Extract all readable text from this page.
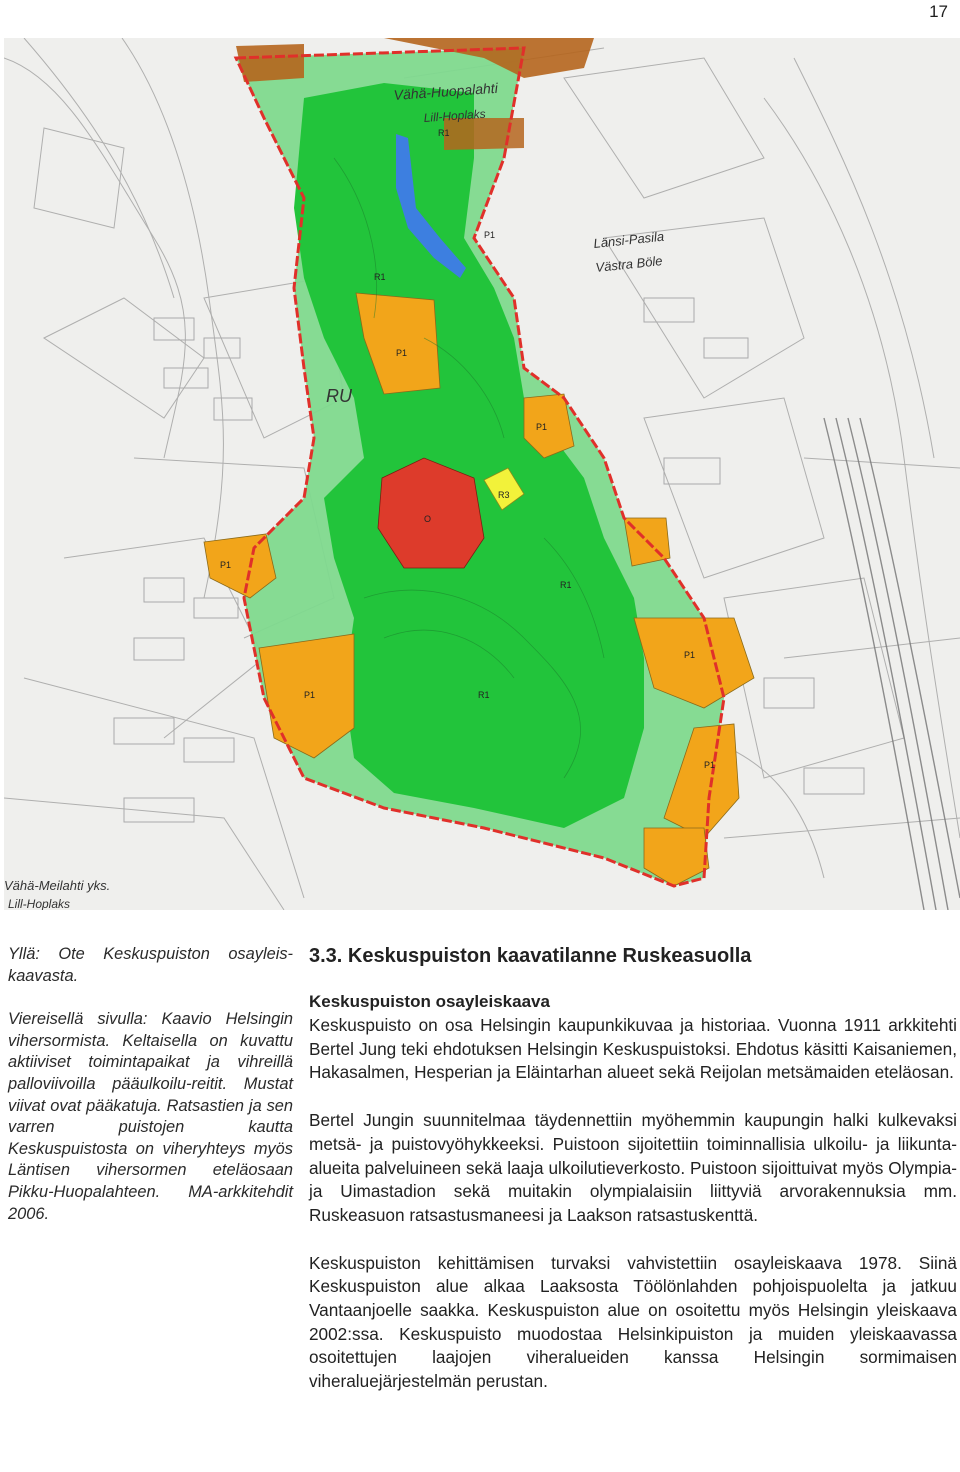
17
R1
R1
R1
R1
P1
P1
P1
P1
P1
P1
P1
R3
O
Vähä-Huopalahti
Lill-Hoplaks
Länsi-Pasila
Västra Böle
RU
Vähä-Meilahti yks.
Lill-Hoplaks

Yllä: Ote Keskuspuiston osayleis-kaavasta.

Viereisellä sivulla: Kaavio Helsingin vihersormista. Keltaisella on kuvattu aktiiviset toimintapaikat ja vihreillä palloviivoilla pääulkoilu-reitit. Mustat viivat ovat pääkatuja. Ratsastien ja sen varren puistojen kautta Keskuspuistosta on viheryhteys myös Läntisen vihersormen eteläosaan Pikku-Huopalahteen. MA-arkkitehdit 2006.

3.3. Keskuspuiston kaavatilanne Ruskeasuolla
Keskuspuiston osayleiskaava

Keskuspuisto on osa Helsingin kaupunkikuvaa ja historiaa. Vuonna 1911 arkkitehti Bertel Jung teki ehdotuksen Helsingin Keskuspuistoksi. Ehdotus käsitti Kaisaniemen, Hakasalmen, Hesperian ja Eläintarhan alueet sekä Reijolan metsämaiden eteläosan.

Bertel Jungin suunnitelmaa täydennettiin myöhemmin kaupungin halki kulkevaksi metsä- ja puistovyöhykkeeksi. Puistoon sijoitettiin toiminnallisia ulkoilu- ja liikunta-alueita palveluineen sekä laaja ulkoilutieverkosto. Puistoon sijoittuivat myös Olympia- ja Uimastadion sekä muitakin olympialaisiin liittyviä arvorakennuksia mm. Ruskeasuon ratsastusmaneesi ja Laakson ratsastuskenttä.

Keskuspuiston kehittämisen turvaksi vahvistettiin osayleiskaava 1978. Siinä Keskuspuiston alue alkaa Laaksosta Töölönlahden pohjoispuolelta ja jatkuu Vantaanjoelle saakka. Keskuspuiston alue on osoitettu myös Helsingin yleiskaava 2002:ssa. Keskuspuisto muodostaa Helsinkipuiston ja muiden yleiskaavassa osoitettujen laajojen viheralueiden kanssa Helsingin sormimaisen viheraluejärjestelmän perustan.
